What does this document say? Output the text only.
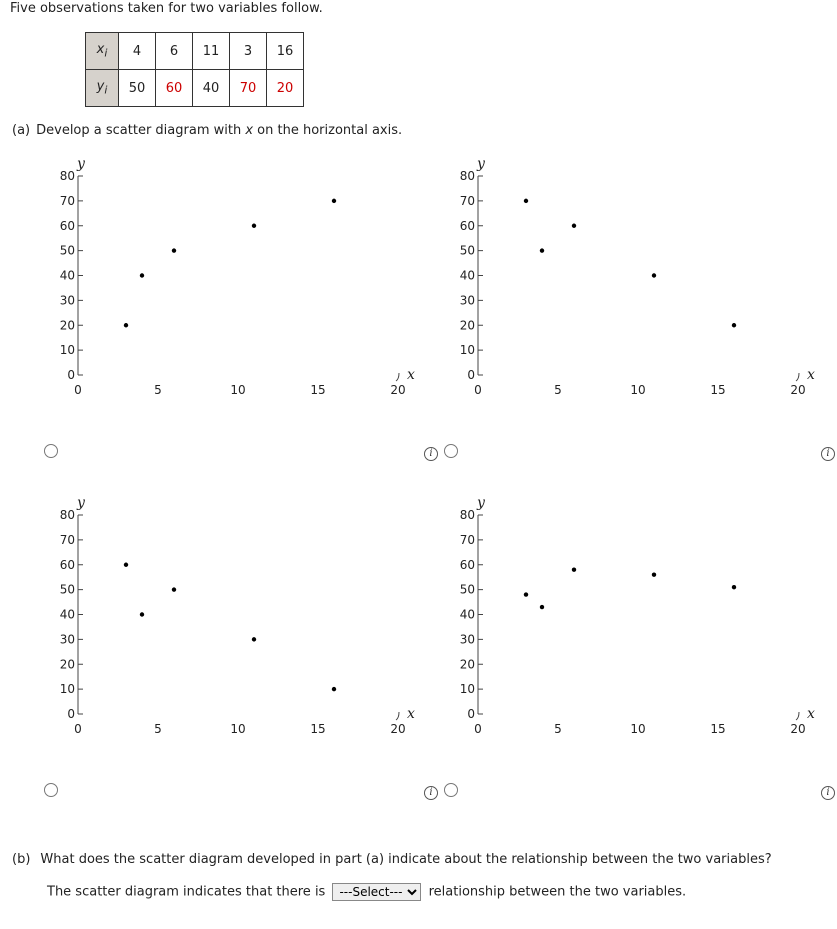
Five observations taken for two variables follow.
$x_i$	4	6	11	3	16
$y_i$	50	60	40	70	20
(a) Develop a scatter diagram with x on the horizontal axis.
0
10
20
30
40
50
60
70
80
y
0	5	10	15	20
x	0
10
20
30
40
50
60
70
80
y
0	5	10	15	20
x
0
10
20
30
40
50
60
70
80
y
0	5	10	15	20
x	0
10
20
30
40
50
60
70
80
y
0	5	10	15	20
x
i	i
i	i
(b) What does the scatter diagram developed in part (a) indicate about the relationship between the two variables?
The scatter diagram indicates that there is
---Select---	relationship between the two variables.
